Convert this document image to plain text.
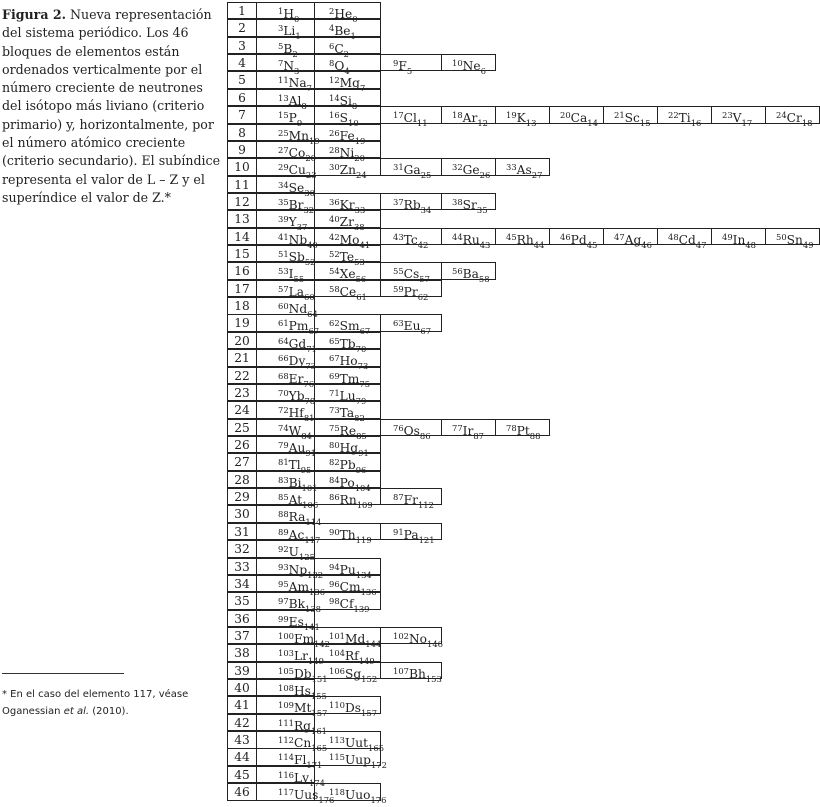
Figura 2. Nueva representación del sistema periódico. Los 46 bloques de elementos están ordenados verticalmente por el número creciente de neutrones del isótopo más liviano (criterio primario) y, horizontalmente, por el número atómico creciente (criterio secundario). El subíndice representa el valor de L – Z y el superíndice el valor de Z.*
* En el caso del elemento 117, véase Oganessian et al. (2010).
1	$^1H_0$
$^2He_0$
2	$^3Li_1$
$^4Be_1$
3	$^5B_2$
$^6C_2$
4	$^7N_3$
$^8O_4$
$^9F_5$
$^{10}Ne_6$
5	$^{11}Na_7$
$^{12}Mg_7$
6	$^{13}Al_8$
$^{14}Si_8$
7	$^{15}P_9$
$^{16}S_{10}$
$^{17}Cl_{11}$
$^{18}Ar_{12}$
$^{19}K_{13}$
$^{20}Ca_{14}$
$^{21}Sc_{15}$
$^{22}Ti_{16}$
$^{23}V_{17}$
$^{24}Cr_{18}$
8	$^{25}Mn_{19}$
$^{26}Fe_{19}$
9	$^{27}Co_{20}$
$^{28}Ni_{20}$
10	$^{29}Cu_{23}$
$^{30}Zn_{24}$
$^{31}Ga_{25}$
$^{32}Ge_{26}$
$^{33}As_{27}$
11	$^{34}Se_{30}$
12	$^{35}Br_{32}$
$^{36}Kr_{33}$
$^{37}Rb_{34}$
$^{38}Sr_{35}$
13	$^{39}Y_{37}$
$^{40}Zr_{38}$
14	$^{41}Nb_{40}$
$^{42}Mo_{41}$
$^{43}Tc_{42}$
$^{44}Ru_{43}$
$^{45}Rh_{44}$
$^{46}Pd_{45}$
$^{47}Ag_{46}$
$^{48}Cd_{47}$
$^{49}In_{48}$
$^{50}Sn_{49}$
15	$^{51}Sb_{52}$
$^{52}Te_{53}$
16	$^{53}I_{55}$
$^{54}Xe_{56}$
$^{55}Cs_{57}$
$^{56}Ba_{58}$
17	$^{57}La_{60}$
$^{58}Ce_{61}$
$^{59}Pr_{62}$
18	$^{60}Nd_{64}$
19	$^{61}Pm_{67}$
$^{62}Sm_{67}$
$^{63}Eu_{67}$
20	$^{64}Gd_{71}$
$^{65}Tb_{70}$
21	$^{66}Dy_{73}$
$^{67}Ho_{73}$
22	$^{68}Er_{76}$
$^{69}Tm_{75}$
23	$^{70}Yb_{78}$
$^{71}Lu_{79}$
24	$^{72}Hf_{81}$
$^{73}Ta_{82}$
25	$^{74}W_{84}$
$^{75}Re_{85}$
$^{76}Os_{86}$
$^{77}Ir_{87}$
$^{78}Pt_{88}$
26	$^{79}Au_{91}$
$^{80}Hg_{91}$
27	$^{81}Tl_{95}$
$^{82}Pb_{96}$
28	$^{83}Bi_{101}$
$^{84}Po_{104}$
29	$^{85}At_{106}$
$^{86}Rn_{109}$
$^{87}Fr_{112}$
30	$^{88}Ra_{114}$
31	$^{89}Ac_{117}$
$^{90}Th_{119}$
$^{91}Pa_{121}$
32	$^{92}U_{125}$
33	$^{93}Np_{132}$
$^{94}Pu_{134}$
34	$^{95}Am_{136}$
$^{96}Cm_{136}$
35	$^{97}Bk_{138}$
$^{98}Cf_{139}$
36	$^{99}Es_{141}$
37	$^{100}Fm_{142}$
$^{101}Md_{144}$
$^{102}No_{146}$
38	$^{103}Lr_{149}$
$^{104}Rf_{149}$
39	$^{105}Db_{151}$
$^{106}Sg_{152}$
$^{107}Bh_{153}$
40	$^{108}Hs_{155}$
41	$^{109}Mt_{157}$
$^{110}Ds_{157}$
42	$^{111}Rg_{161}$
43	$^{112}Cn_{165}$
$^{113}$Uut$_{165}$
44	$^{114}Fl_{171}$
$^{115}$Uup$_{172}$
45	$^{116}Lv_{174}$
46	$^{117}$Uus$_{176}$
$^{118}$Uuo$_{176}$
